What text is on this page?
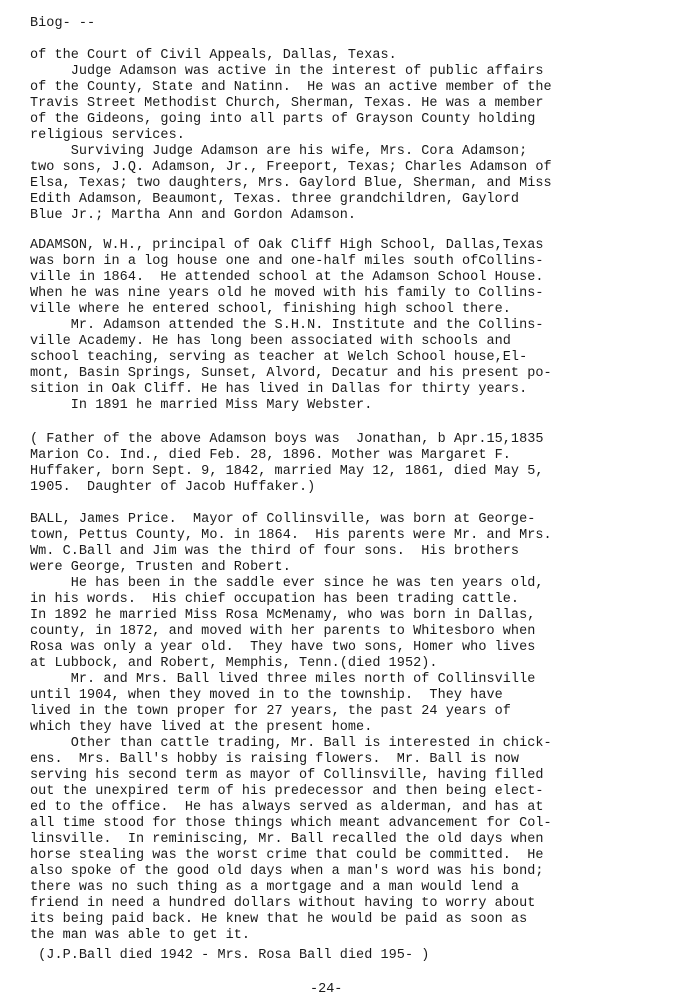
Biog- --
of the Court of Civil Appeals, Dallas, Texas.
Judge Adamson was active in the interest of public affairs
of the County, State and Natinn.  He was an active member of the
Travis Street Methodist Church, Sherman, Texas. He was a member
of the Gideons, going into all parts of Grayson County holding
religious services.
Surviving Judge Adamson are his wife, Mrs. Cora Adamson;
two sons, J.Q. Adamson, Jr., Freeport, Texas; Charles Adamson of
Elsa, Texas; two daughters, Mrs. Gaylord Blue, Sherman, and Miss
Edith Adamson, Beaumont, Texas. three grandchildren, Gaylord
Blue Jr.; Martha Ann and Gordon Adamson.
ADAMSON, W.H., principal of Oak Cliff High School, Dallas,Texas
was born in a log house one and one-half miles south ofCollins-
ville in 1864.  He attended school at the Adamson School House.
When he was nine years old he moved with his family to Collins-
ville where he entered school, finishing high school there.
Mr. Adamson attended the S.H.N. Institute and the Collins-
ville Academy. He has long been associated with schools and
school teaching, serving as teacher at Welch School house,El-
mont, Basin Springs, Sunset, Alvord, Decatur and his present po-
sition in Oak Cliff. He has lived in Dallas for thirty years.
In 1891 he married Miss Mary Webster.
( Father of the above Adamson boys was  Jonathan, b Apr.15,1835
Marion Co. Ind., died Feb. 28, 1896. Mother was Margaret F.
Huffaker, born Sept. 9, 1842, married May 12, 1861, died May 5,
1905.  Daughter of Jacob Huffaker.)
BALL, James Price.  Mayor of Collinsville, was born at George-
town, Pettus County, Mo. in 1864.  His parents were Mr. and Mrs.
Wm. C.Ball and Jim was the third of four sons.  His brothers
were George, Trusten and Robert.
He has been in the saddle ever since he was ten years old,
in his words.  His chief occupation has been trading cattle.
In 1892 he married Miss Rosa McMenamy, who was born in Dallas,
county, in 1872, and moved with her parents to Whitesboro when
Rosa was only a year old.  They have two sons, Homer who lives
at Lubbock, and Robert, Memphis, Tenn.(died 1952).
Mr. and Mrs. Ball lived three miles north of Collinsville
until 1904, when they moved in to the township.  They have
lived in the town proper for 27 years, the past 24 years of
which they have lived at the present home.
Other than cattle trading, Mr. Ball is interested in chick-
ens.  Mrs. Ball's hobby is raising flowers.  Mr. Ball is now
serving his second term as mayor of Collinsville, having filled
out the unexpired term of his predecessor and then being elect-
ed to the office.  He has always served as alderman, and has at
all time stood for those things which meant advancement for Col-
linsville.  In reminiscing, Mr. Ball recalled the old days when
horse stealing was the worst crime that could be committed.  He
also spoke of the good old days when a man's word was his bond;
there was no such thing as a mortgage and a man would lend a
friend in need a hundred dollars without having to worry about
its being paid back. He knew that he would be paid as soon as
the man was able to get it.
(J.P.Ball died 1942 - Mrs. Rosa Ball died 195- )
-24-
